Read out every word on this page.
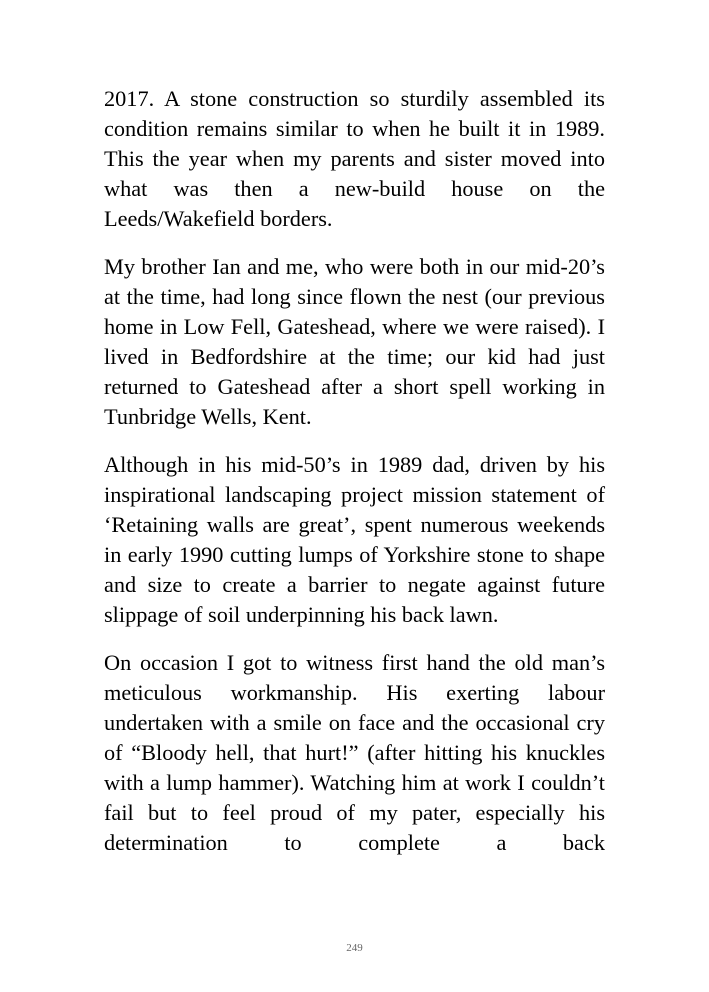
2017. A stone construction so sturdily assembled its condition remains similar to when he built it in 1989. This the year when my parents and sister moved into what was then a new-build house on the Leeds/Wakefield borders.

My brother Ian and me, who were both in our mid-20’s at the time, had long since flown the nest (our previous home in Low Fell, Gateshead, where we were raised). I lived in Bedfordshire at the time; our kid had just returned to Gateshead after a short spell working in Tunbridge Wells, Kent.

Although in his mid-50’s in 1989 dad, driven by his inspirational landscaping project mission statement of ‘Retaining walls are great’, spent numerous weekends in early 1990 cutting lumps of Yorkshire stone to shape and size to create a barrier to negate against future slippage of soil underpinning his back lawn.

On occasion I got to witness first hand the old man’s meticulous workmanship. His exerting labour undertaken with a smile on face and the occasional cry of “Bloody hell, that hurt!” (after hitting his knuckles with a lump hammer). Watching him at work I couldn’t fail but to feel proud of my pater, especially his determination to complete a back

249
